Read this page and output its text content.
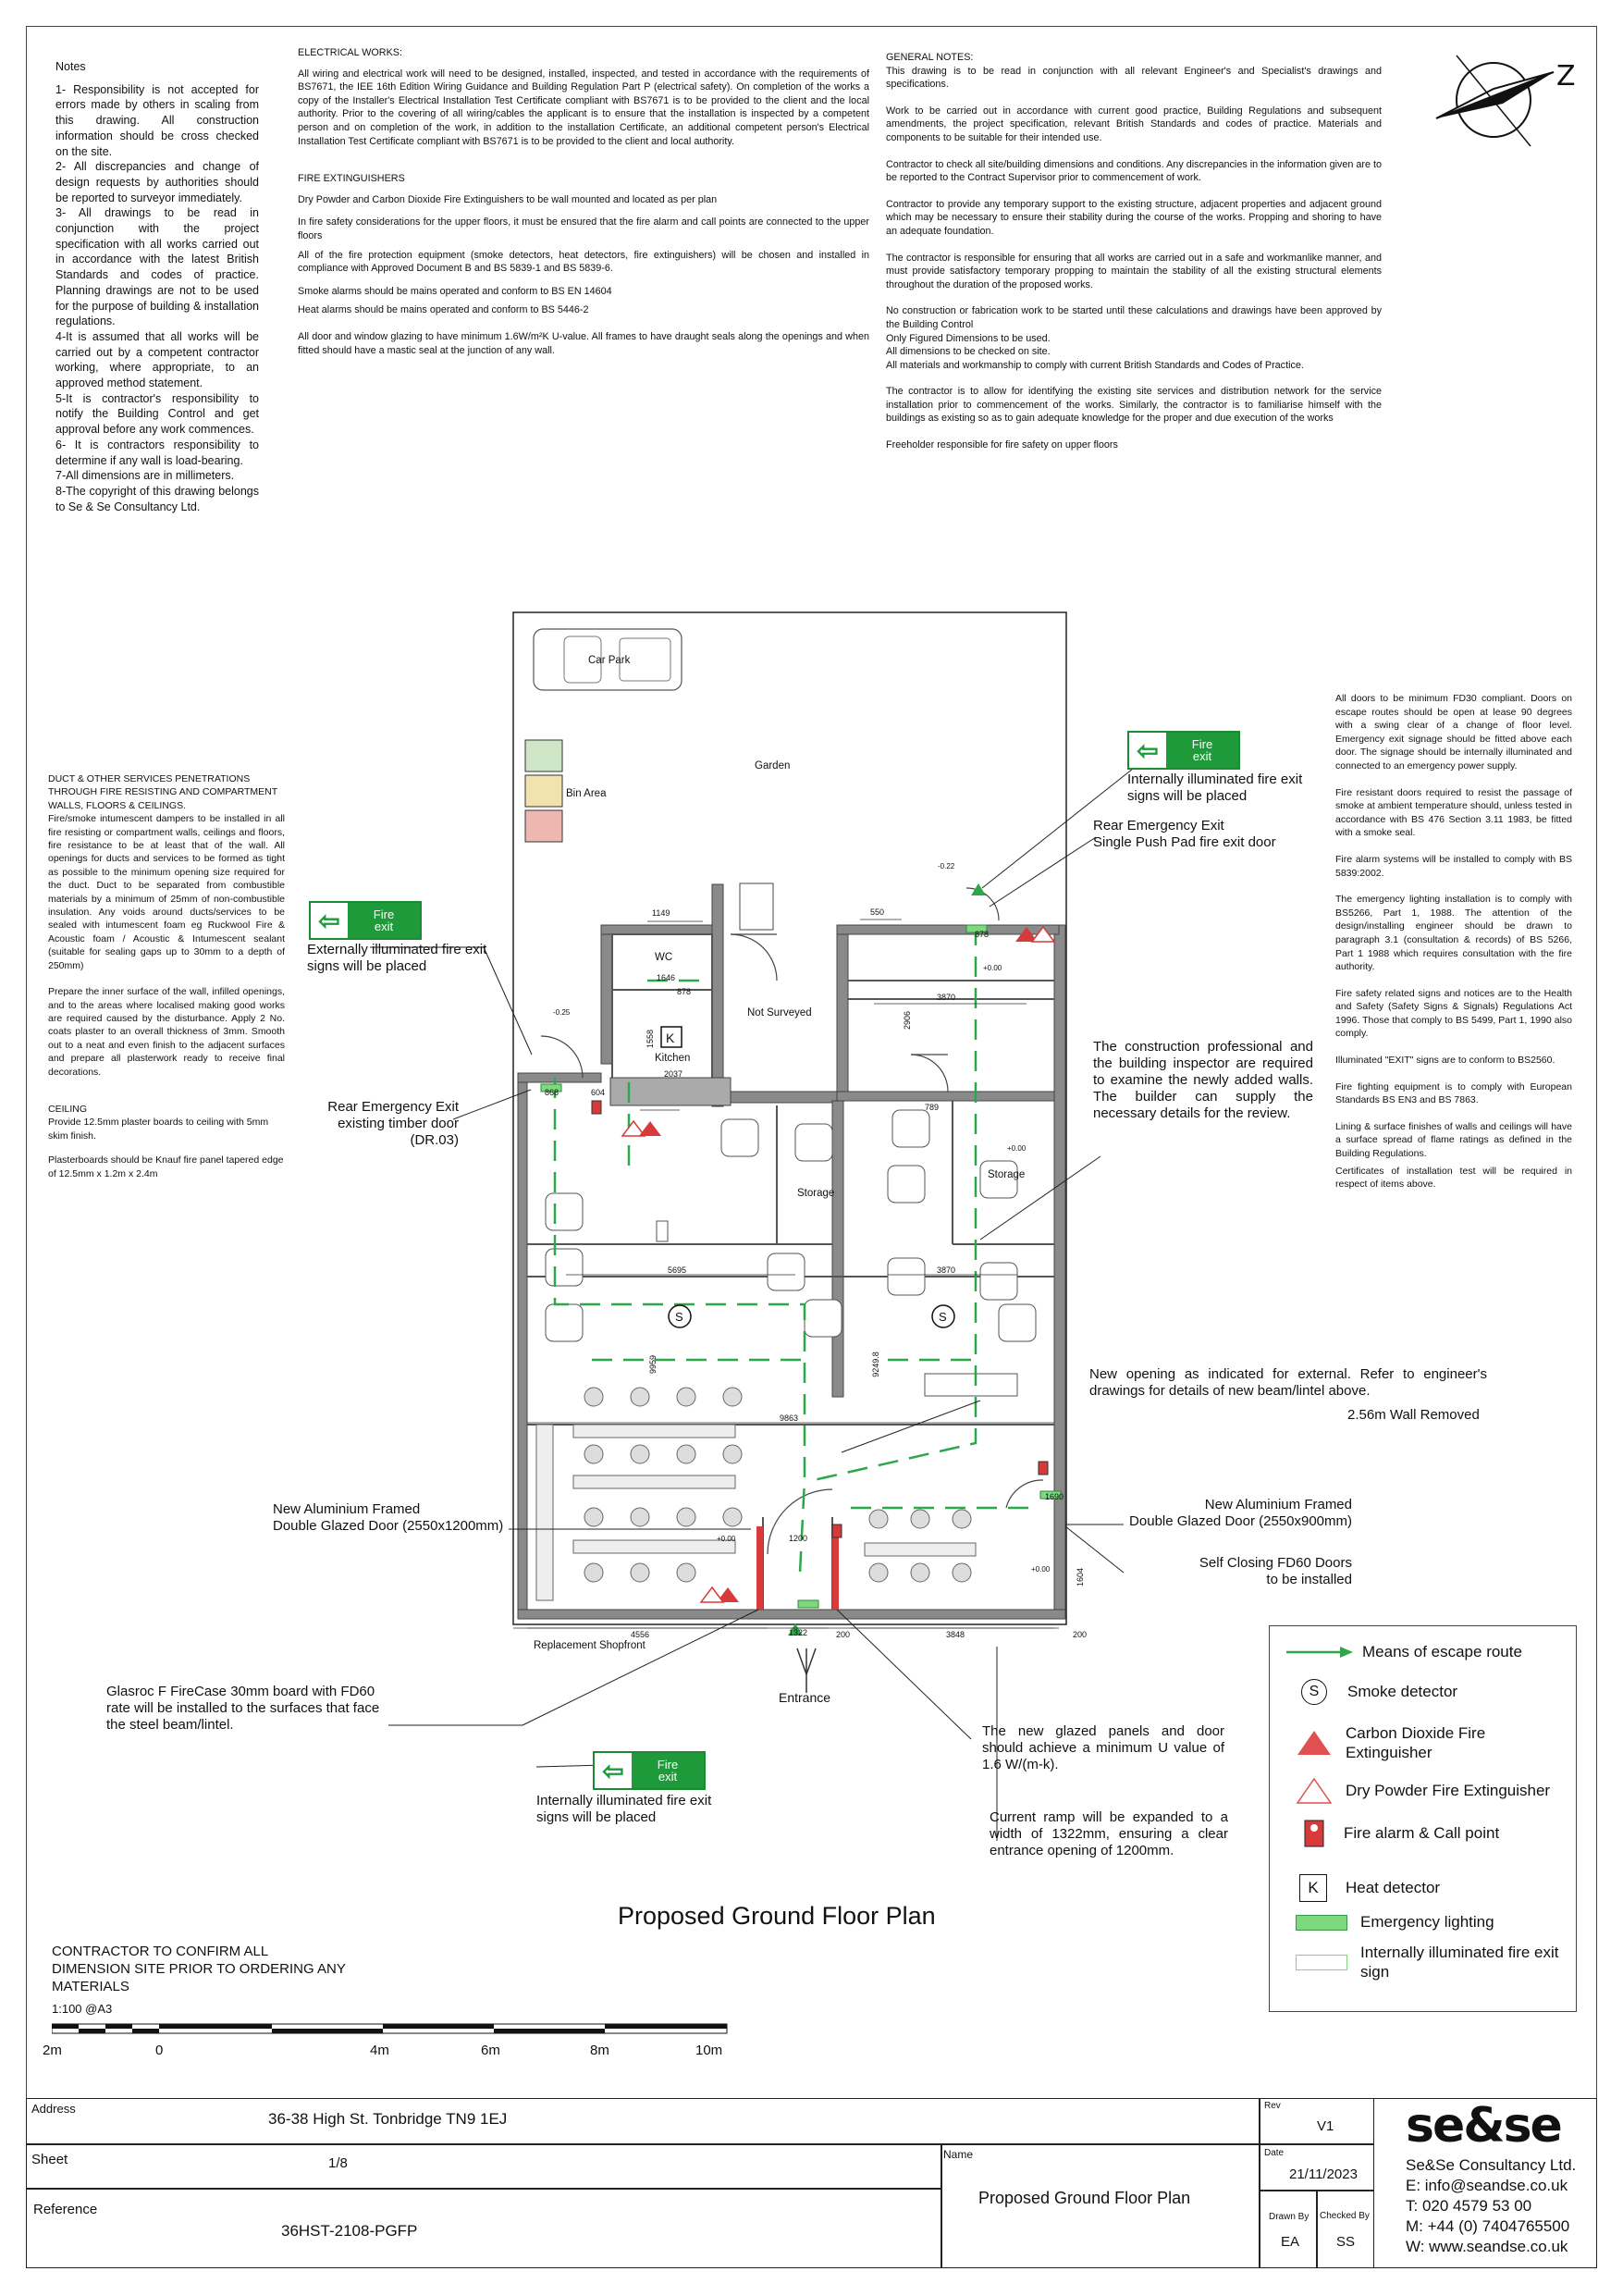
Notes
1- Responsibility is not accepted for errors made by others in scaling from this drawing. All construction information should be cross checked on the site.
2- All discrepancies and change of design requests by authorities should be reported to surveyor immediately.
3- All drawings to be read in conjunction with the project specification with all works carried out in accordance with the latest British Standards and codes of practice. Planning drawings are not to be used for the purpose of building & installation regulations.
4-It is assumed that all works will be carried out by a competent contractor working, where appropriate, to an approved method statement.
5-It is contractor's responsibility to notify the Building Control and get approval before any work commences.
6- It is contractors responsibility to determine if any wall is load-bearing.
7-All dimensions are in millimeters.
8-The copyright of this drawing belongs to Se & Se Consultancy Ltd.
ELECTRICAL WORKS:
All wiring and electrical work will need to be designed, installed, inspected, and tested in accordance with the requirements of BS7671, the IEE 16th Edition Wiring Guidance and Building Regulation Part P (electrical safety). On completion of the works a copy of the Installer's Electrical Installation Test Certificate compliant with BS7671 is to be provided to the client and the local authority. Prior to the covering of all wiring/cables the applicant is to ensure that the installation is inspected by a competent person and on completion of the work, in addition to the installation Certificate, an additional competent person's Electrical Installation Test Certificate compliant with BS7671 is to be provided to the client and local authority.
FIRE EXTINGUISHERS
Dry Powder and Carbon Dioxide Fire Extinguishers to be wall mounted and located as per plan
In fire safety considerations for the upper floors, it must be ensured that the fire alarm and call points are connected to the upper floors
All of the fire protection equipment (smoke detectors, heat detectors, fire extinguishers) will be chosen and installed in compliance with Approved Document B and BS 5839-1 and BS 5839-6.
Smoke alarms should be mains operated and conform to BS EN 14604
Heat alarms should be mains operated and conform to BS 5446-2
All door and window glazing to have minimum 1.6W/m²K U-value. All frames to have draught seals along the openings and when fitted should have a mastic seal at the junction of any wall.
GENERAL NOTES:
This drawing is to be read in conjunction with all relevant Engineer's and Specialist's drawings and specifications.
Work to be carried out in accordance with current good practice, Building Regulations and subsequent amendments, the project specification, relevant British Standards and codes of practice. Materials and components to be suitable for their intended use.
Contractor to check all site/building dimensions and conditions. Any discrepancies in the information given are to be reported to the Contract Supervisor prior to commencement of work.
Contractor to provide any temporary support to the existing structure, adjacent properties and adjacent ground which may be necessary to ensure their stability during the course of the works. Propping and shoring to have an adequate foundation.
The contractor is responsible for ensuring that all works are carried out in a safe and workmanlike manner, and must provide satisfactory temporary propping to maintain the stability of all the existing structural elements throughout the duration of the proposed works.
No construction or fabrication work to be started until these calculations and drawings have been approved by the Building Control
Only Figured Dimensions to be used.
All dimensions to be checked on site.
All materials and workmanship to comply with current British Standards and Codes of Practice.
The contractor is to allow for identifying the existing site services and distribution network for the service installation prior to commencement of the works. Similarly, the contractor is to familiarise himself with the buildings as existing so as to gain adequate knowledge for the proper and due execution of the works
Freeholder responsible for fire safety on upper floors
Z
DUCT & OTHER SERVICES PENETRATIONS THROUGH FIRE RESISTING AND COMPARTMENT WALLS, FLOORS & CEILINGS.
Fire/smoke intumescent dampers to be installed in all fire resisting or compartment walls, ceilings and floors, fire resistance to be at least that of the wall. All openings for ducts and services to be formed as tight as possible to the minimum opening size required for the duct. Duct to be separated from combustible materials by a minimum of 25mm of non-combustible insulation. Any voids around ducts/services to be sealed with intumescent foam eg Ruckwool Fire & Acoustic foam / Acoustic & Intumescent sealant (suitable for sealing gaps up to 30mm to a depth of 250mm)
Prepare the inner surface of the wall, infilled openings, and to the areas where localised making good works are required caused by the disturbance. Apply 2 No. coats plaster to an overall thickness of 3mm. Smooth out to a neat and even finish to the adjacent surfaces and prepare all plasterwork ready to receive final decorations.
CEILING
Provide 12.5mm plaster boards to ceiling with 5mm skim finish.
Plasterboards should be Knauf fire panel tapered edge of 12.5mm x 1.2m x 2.4m
All doors to be minimum FD30 compliant. Doors on escape routes should be open at lease 90 degrees with a swing clear of a change of floor level. Emergency exit signage should be fitted above each door. The signage should be internally illuminated and connected to an emergency power supply.
Fire resistant doors required to resist the passage of smoke at ambient temperature should, unless tested in accordance with BS 476 Section 3.11 1983, be fitted with a smoke seal.
Fire alarm systems will be installed to comply with BS 5839:2002.
The emergency lighting installation is to comply with BS5266, Part 1, 1988. The attention of the design/installing engineer should be drawn to paragraph 3.1 (consultation & records) of BS 5266, Part 1 1988 which requires consultation with the fire authority.
Fire safety related signs and notices are to the Health and Safety (Safety Signs & Signals) Regulations Act 1996. Those that comply to BS 5499, Part 1, 1990 also comply.
Illuminated "EXIT" signs are to conform to BS2560.
Fire fighting equipment is to comply with European Standards BS EN3 and BS 7863.
Lining & surface finishes of walls and ceilings will have a surface spread of flame ratings as defined in the Building Regulations.
Certificates of installation test will be required in respect of items above.
S	S
K
Car Park
Garden
Bin Area
Not Surveyed
Kitchen
WC
Storage
Storage
Replacement Shopfront
Entrance
1149	550
1646
878
878
3870
2037
1558
868	604
789
2906
5695	3870
9959	9249.8
9863
1200
1322
4556	3848	200
200
1604
1690
-0.22
+0.00
-0.25
+0.00
+0.00
+0.00
⇦	Fire
exit
⇦	Fire
exit
⇦	Fire
exit
Internally illuminated fire exit signs will be placed
Externally illuminated fire exit signs will be placed
Rear Emergency Exit
Single Push Pad fire exit door
Rear Emergency Exit
existing timber door
(DR.03)
The construction professional and the building inspector are required to examine the newly added walls. The builder can supply the necessary details for the review.
New opening as indicated for external. Refer to engineer's drawings for details of new beam/lintel above.
2.56m Wall Removed
New Aluminium Framed
Double Glazed Door (2550x1200mm)
New Aluminium Framed
Double Glazed Door (2550x900mm)
Self Closing FD60 Doors
to be installed
Glasroc F FireCase 30mm board with FD60 rate will be installed to the surfaces that face the steel beam/lintel.	The new glazed panels and door should achieve a minimum U value of 1.6 W/(m-k).
Internally illuminated fire exit signs will be placed	Current ramp will be expanded to a width of 1322mm, ensuring a clear entrance opening of 1200mm.
Means of escape route
S	Smoke detector
Carbon Dioxide Fire Extinguisher
Dry Powder Fire Extinguisher
Fire alarm & Call point
K	Heat detector
Emergency lighting
Internally illuminated fire exit sign
Proposed Ground Floor Plan
CONTRACTOR TO CONFIRM ALL DIMENSION SITE PRIOR TO ORDERING ANY MATERIALS
1:100 @A3
2m	0	4m	6m	8m	10m
Address
36-38 High St. Tonbridge TN9 1EJ
Sheet	1/8
Reference
36HST-2108-PGFP
Name
Proposed Ground Floor Plan
Rev
V1
Date
21/11/2023
Drawn By
EA
Checked By
SS
se&se
Se&Se Consultancy Ltd.
E: info@seandse.co.uk
T: 020 4579 53 00
M: +44 (0) 7404765500
W: www.seandse.co.uk
